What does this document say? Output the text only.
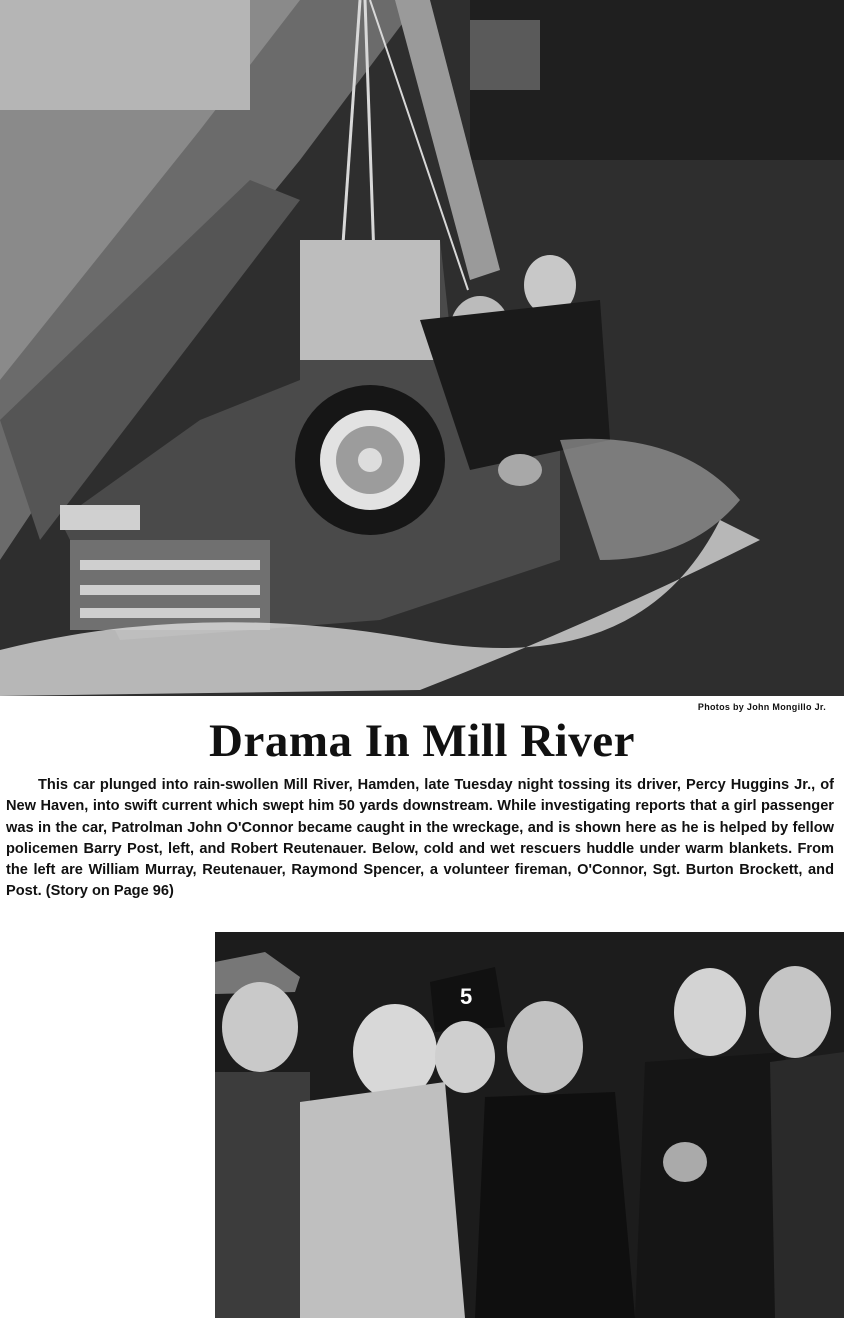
Photos by John Mongillo Jr.
Drama In Mill River
This car plunged into rain-swollen Mill River, Hamden, late Tuesday night tossing its driver, Percy Huggins Jr., of New Haven, into swift current which swept him 50 yards downstream. While investigating reports that a girl passenger was in the car, Patrolman John O'Connor became caught in the wreckage, and is shown here as he is helped by fellow policemen Barry Post, left, and Robert Reutenauer. Below, cold and wet rescuers huddle under warm blankets. From the left are William Murray, Reutenauer, Raymond Spencer, a volunteer fireman, O'Connor, Sgt. Burton Brockett, and Post. (Story on Page 96)
5
